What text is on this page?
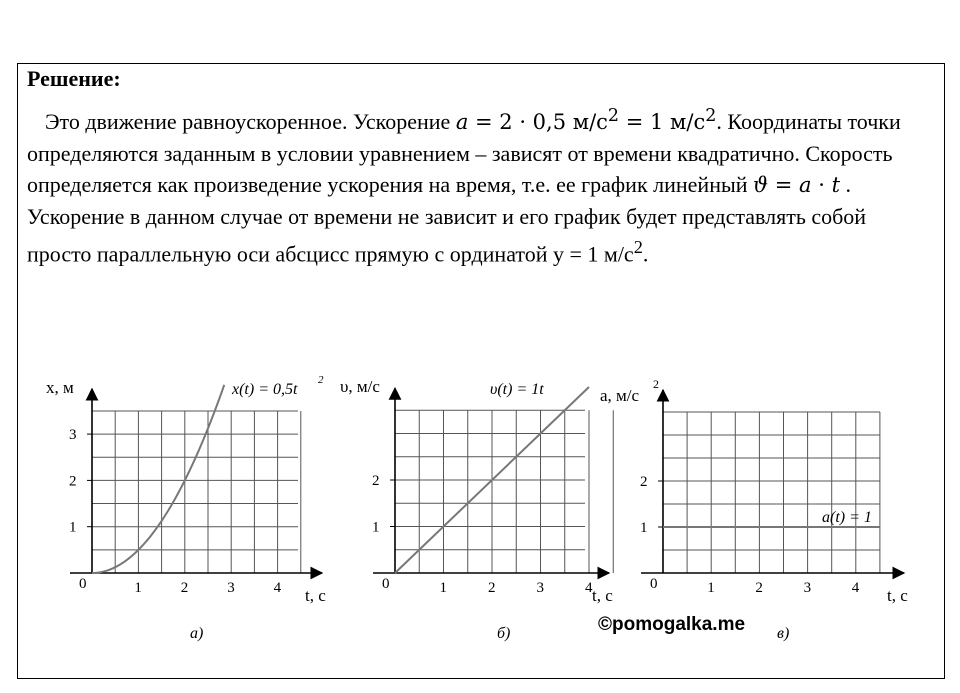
Решение:
Это движение равноускоренное. Ускорение a = 2 · 0,5 $м/с^2 = 1$ $м/с^2$. Координаты точки определяются заданным в условии уравнением – зависят от времени квадратично. Скорость определяется как произведение ускорения на время, т.е. ее график линейный ϑ = a · t . Ускорение в данном случае от времени не зависит и его график будет представлять собой просто параллельную оси абсцисс прямую с ординатой у = 1 $м/с^2$.
1	2	3	4
1
2
3
0
x, м
t, с
а)
x(t) = 0,5t
2
1	2	3	4
1
2
0
υ, м/с
t, с
б)
υ(t) = 1t
1	2	3	4
1
2
0
a, м/с
2
t, с
в)
a(t) = 1
©pomogalka.me
